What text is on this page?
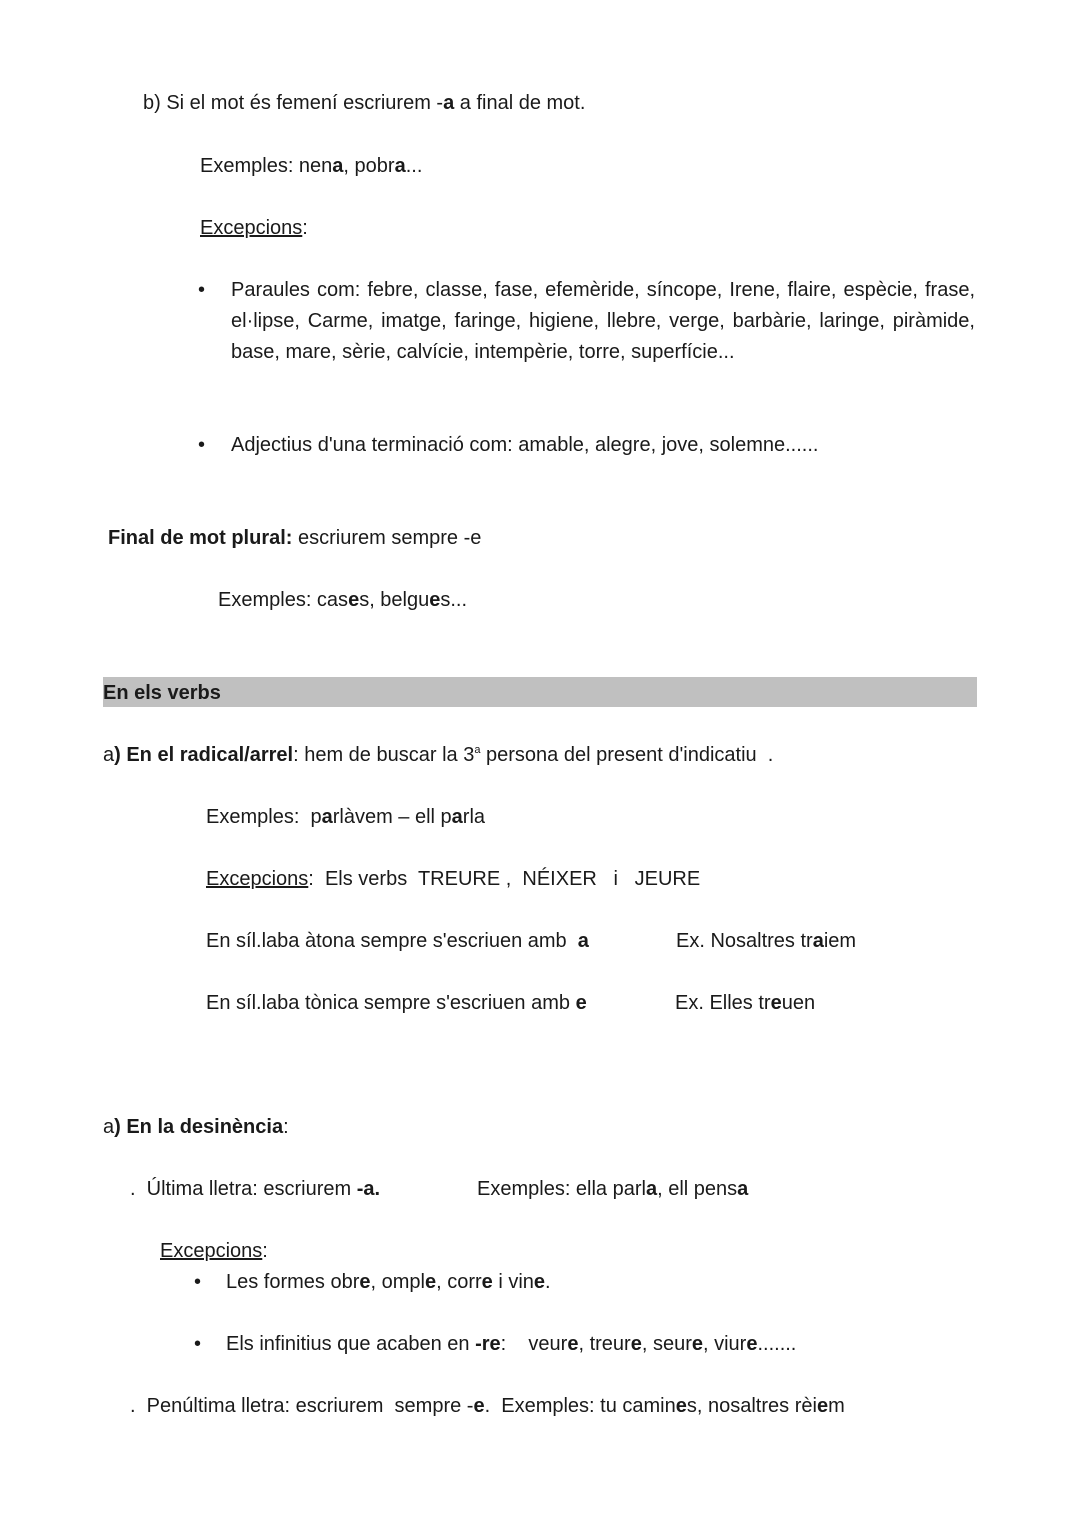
b) Si el mot és femení escriurem -a a final de mot.
Exemples: nena, pobra...
Excepcions:
• Paraules com: febre, classe, fase, efemèride, síncope, Irene, flaire, espècie, frase, el·lipse, Carme, imatge, faringe, higiene, llebre, verge, barbàrie, laringe, piràmide, base, mare, sèrie, calvície, intempèrie, torre, superfície...
• Adjectius d'una terminació com: amable, alegre, jove, solemne......
Final de mot plural: escriurem sempre -e
Exemples: cases, belgues...
En els verbs
a) En el radical/arrel: hem de buscar la 3$^a$ persona del present d'indicatiu  .
Exemples:  parlàvem – ell parla
Excepcions:  Els verbs  TREURE ,  NÉIXER   i   JEURE
En síl.laba àtona sempre s'escriuen amb  a	Ex. Nosaltres traiem
En síl.laba tònica sempre s'escriuen amb e	Ex. Elles treuen
a) En la desinència:
.  Última lletra: escriurem -a.	Exemples: ella parla, ell pensa
Excepcions:
• Les formes obre, omple, corre i vine.
• Els infinitius que acaben en -re:    veure, treure, seure, viure.......
.  Penúltima lletra: escriurem  sempre -e.  Exemples: tu camines, nosaltres rèiem
